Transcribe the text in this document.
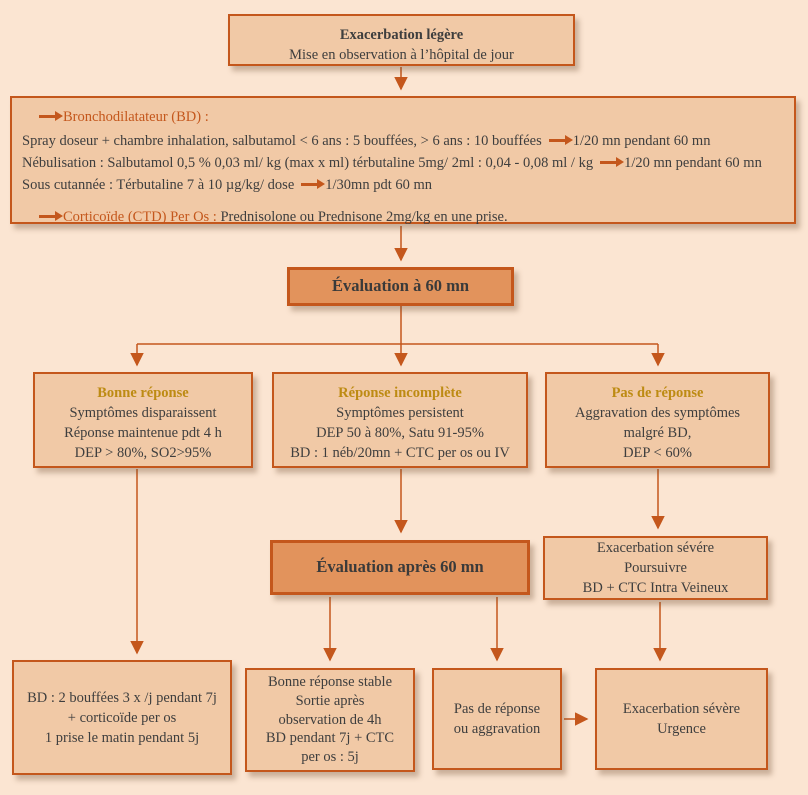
Exacerbation légère
Mise en observation à l’hôpital de jour
Bronchodilatateur (BD) :
Spray doseur + chambre inhalation, salbutamol < 6 ans : 5 bouffées, > 6 ans : 10 bouffées 1/20 mn pendant 60 mn
Nébulisation : Salbutamol 0,5 % 0,03 ml/ kg (max x ml) térbutaline 5mg/ 2ml : 0,04 - 0,08 ml / kg 1/20 mn pendant 60 mn
Sous cutannée : Térbutaline 7 à 10 µg/kg/ dose 1/30mn pdt 60 mn
Corticoïde (CTD) Per Os : Prednisolone ou Prednisone 2mg/kg en une prise.
Évaluation à 60 mn
Bonne réponse
Symptômes disparaissent
Réponse maintenue pdt 4 h
DEP > 80%, SO2>95%
Réponse incomplète
Symptômes persistent
DEP 50 à 80%, Satu 91-95%
BD : 1 néb/20mn + CTC per os ou IV
Pas de réponse
Aggravation des symptômes
malgré BD,
DEP < 60%
Évaluation après 60 mn
Exacerbation sévére
Poursuivre
BD + CTC Intra Veineux
BD : 2 bouffées 3 x /j pendant 7j
+ corticoïde per os
1 prise le matin pendant 5j
Bonne réponse stable
Sortie après
observation de 4h
BD pendant 7j + CTC
per os : 5j
Pas de réponse
ou aggravation
Exacerbation sévère
Urgence
